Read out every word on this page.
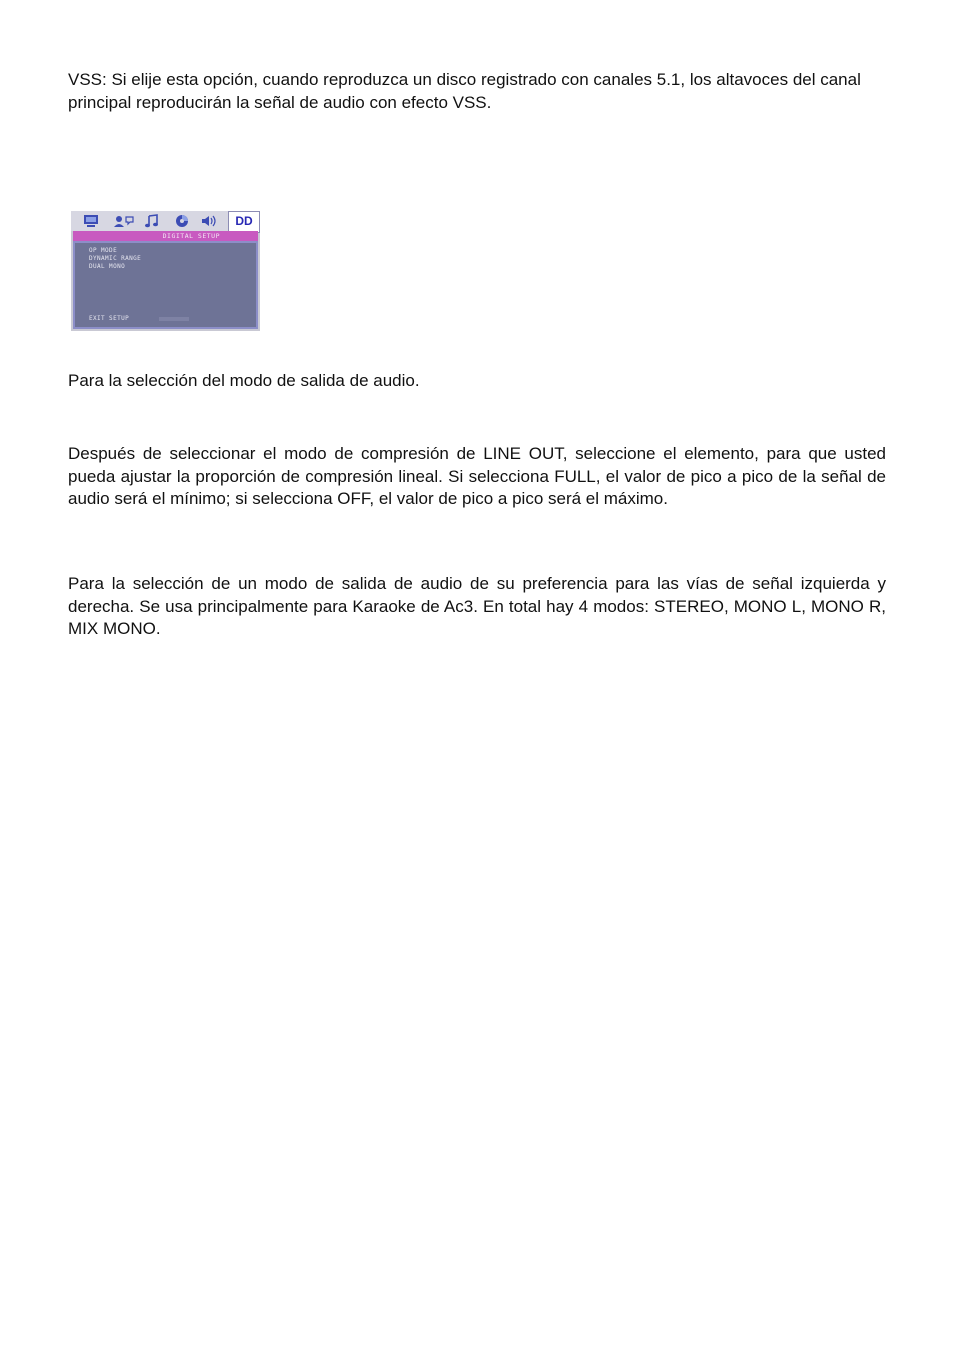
VSS: Si elije esta opción, cuando reproduzca un disco registrado con canales 5.1, los altavoces del canal principal reproducirán la señal de audio con efecto VSS.

DD
DIGITAL SETUP
OP MODE
DYNAMIC RANGE
DUAL MONO
EXIT SETUP

Para la selección del modo de salida de audio.

Después de seleccionar el modo de compresión de LINE OUT, seleccione el elemento, para que usted pueda ajustar la proporción de compresión lineal. Si selecciona FULL, el valor de pico a pico de la señal de audio será el mínimo; si selecciona OFF, el valor de pico a pico será el máximo.

Para la selección de un modo de salida de audio de su preferencia para las vías de señal izquierda y derecha. Se usa principalmente para Karaoke de Ac3. En total hay 4 modos: STEREO, MONO L, MONO R, MIX MONO.
